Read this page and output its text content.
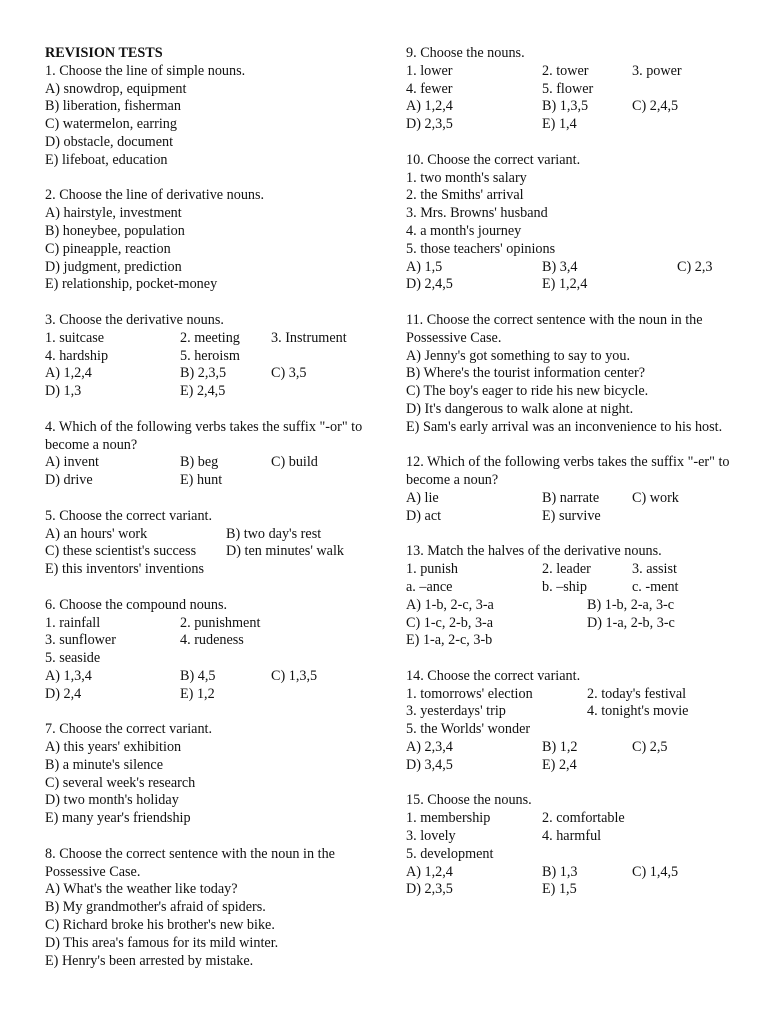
REVISION TESTS
1. Choose the line of simple nouns.
A) snowdrop, equipment
B) liberation, fisherman
C) watermelon, earring
D) obstacle, document
E) lifeboat, education
2. Choose the line of derivative nouns.
A) hairstyle, investment
B) honeybee, population
C) pineapple, reaction
D) judgment, prediction
E) relationship, pocket-money
3. Choose the derivative nouns.
1. suitcase	2. meeting 3. Instrument
4. hardship	5. heroism
A) 1,2,4	B) 2,3,5	C) 3,5
D) 1,3	E) 2,4,5
4. Which of the following verbs takes the suffix "-or" to become a noun?
A) invent	B) beg	C) build
D) drive	E) hunt
5. Choose the correct variant.
A) an hours' work	B) two day's rest
C) these scientist's success D) ten minutes' walk
E) this inventors' inventions
6. Choose the compound nouns.
1. rainfall	2. punishment
3. sunflower	4. rudeness
5. seaside
A) 1,3,4	B) 4,5	C) 1,3,5
D) 2,4	E) 1,2
7. Choose the correct variant.
A) this years' exhibition
B) a minute's silence
C) several week's research
D) two month's holiday
E) many year's friendship
8. Choose the correct sentence with the noun in the Possessive Case.
A) What's the weather like today?
B) My grandmother's afraid of spiders.
C) Richard broke his brother's new bike.
D) This area's famous for its mild winter.
E) Henry's been arrested by mistake.
9. Choose the nouns.
1. lower	2. tower	3. power
4. fewer	5. flower
A) 1,2,4	B) 1,3,5	C) 2,4,5
D) 2,3,5	E) 1,4
10. Choose the correct variant.
1. two month's salary
2. the Smiths' arrival
3. Mrs. Browns' husband
4. a month's journey
5. those teachers' opinions
A) 1,5	B) 3,4	C) 2,3
D) 2,4,5	E) 1,2,4
11. Choose the correct sentence with the noun in the Possessive Case.
A) Jenny's got something to say to you.
B) Where's the tourist information center?
C) The boy's eager to ride his new bicycle.
D) It's dangerous to walk alone at night.
E) Sam's early arrival was an inconvenience to his host.
12. Which of the following verbs takes the suffix "-er" to become a noun?
A) lie	B) narrate C) work
D) act	E) survive
13. Match the halves of the derivative nouns.
1. punish	2. leader	3. assist
a. –ance	b. –ship	c. -ment
A) 1-b, 2-c, 3-a	B) 1-b, 2-a, 3-c
C) 1-c, 2-b, 3-a	D) 1-a, 2-b, 3-c
E) 1-a, 2-c, 3-b
14. Choose the correct variant.
1. tomorrows' election	2. today's festival
3. yesterdays' trip	4. tonight's movie
5. the Worlds' wonder
A) 2,3,4	B) 1,2	C) 2,5
D) 3,4,5	E) 2,4
15. Choose the nouns.
1. membership	2. comfortable
3. lovely	4. harmful
5. development
A) 1,2,4	B) 1,3	C) 1,4,5
D) 2,3,5	E) 1,5
